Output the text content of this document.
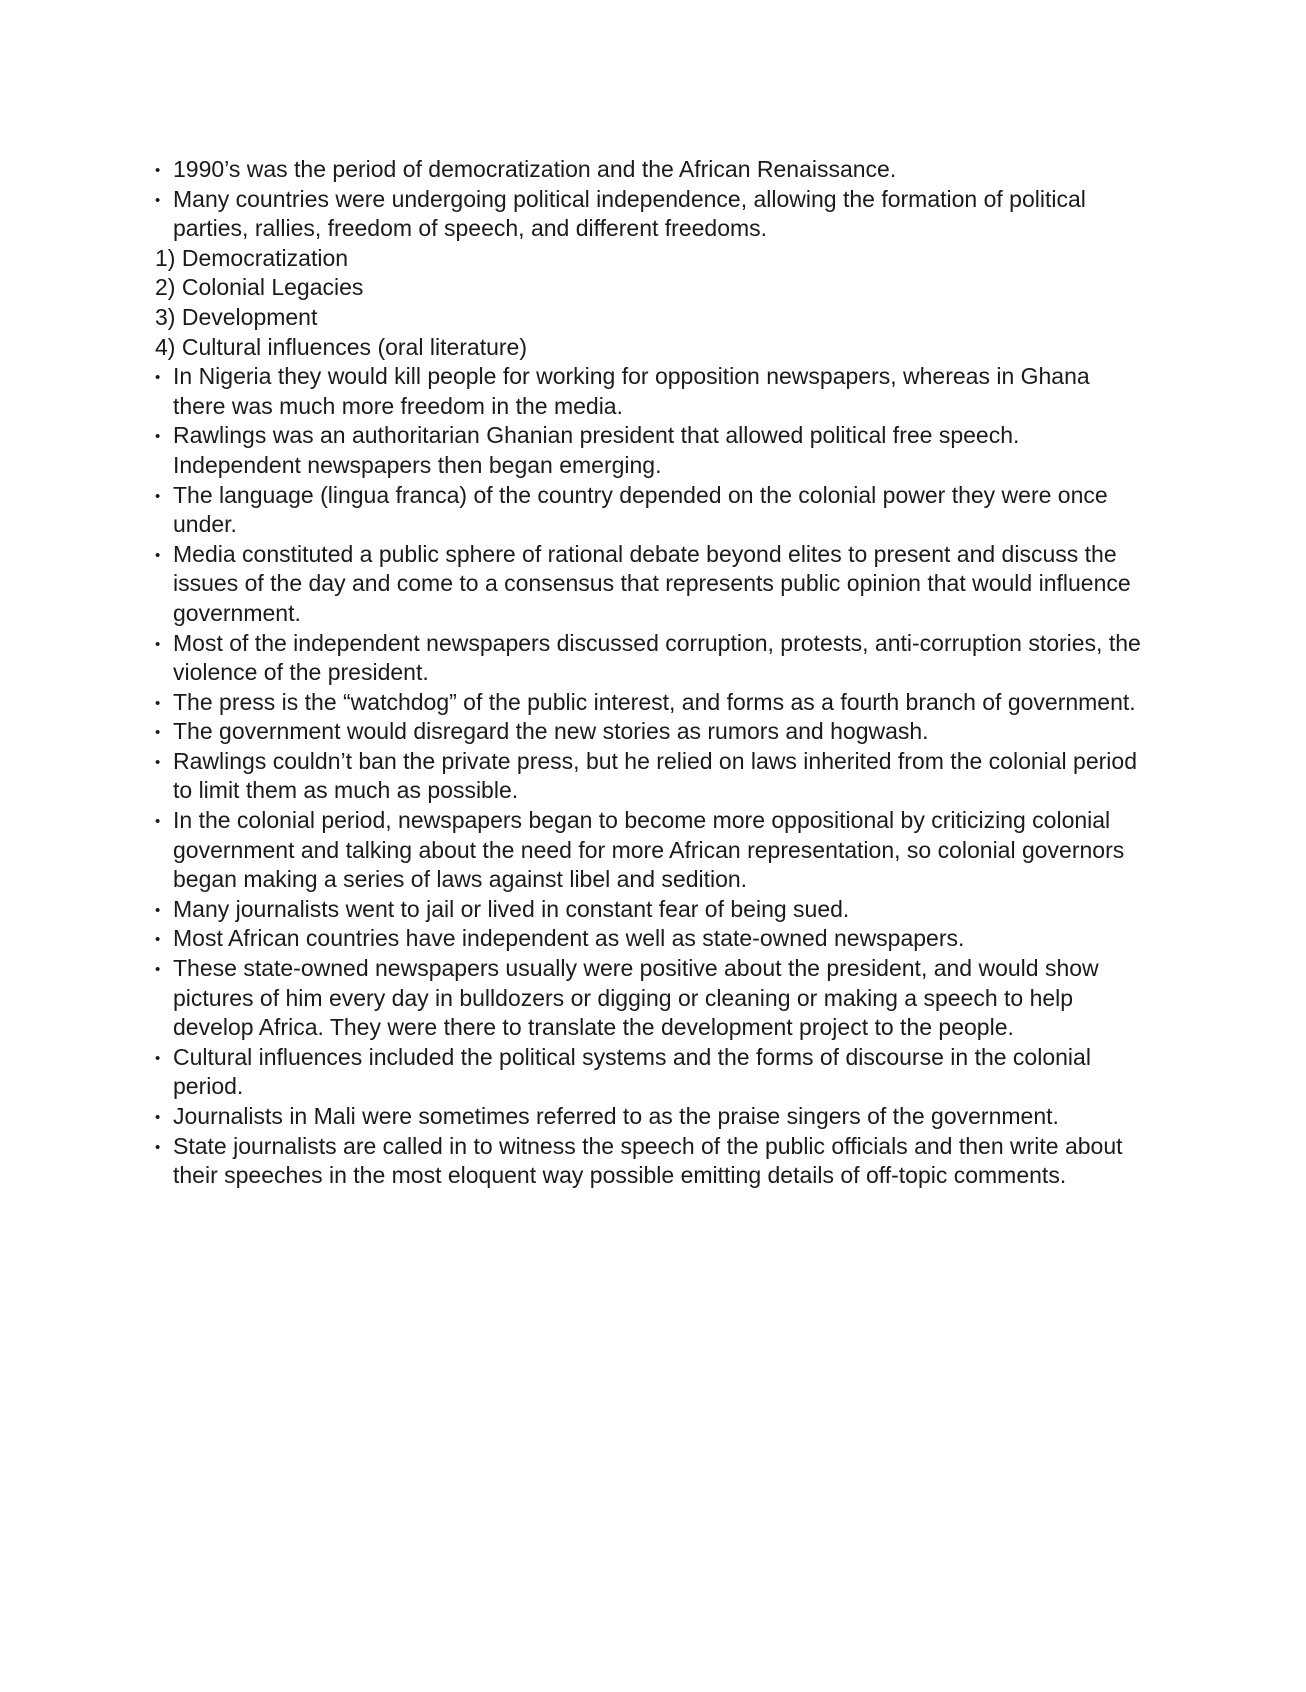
•
1990’s was the period of democratization and the African Renaissance.
•
Many countries were undergoing political independence, allowing the formation of political parties, rallies, freedom of speech, and different freedoms.
1) Democratization
2) Colonial Legacies
3) Development
4) Cultural influences (oral literature)
•
In Nigeria they would kill people for working for opposition newspapers, whereas in Ghana there was much more freedom in the media.
•
Rawlings was an authoritarian Ghanian president that allowed political free speech. Independent newspapers then began emerging.
•
The language (lingua franca) of the country depended on the colonial power they were once under.
•
Media constituted a public sphere of rational debate beyond elites to present and discuss the issues of the day and come to a consensus that represents public opinion that would influence government.
•
Most of the independent newspapers discussed corruption, protests, anti-corruption stories, the violence of the president.
•
The press is the “watchdog” of the public interest, and forms as a fourth branch of government.
•
The government would disregard the new stories as rumors and hogwash.
•
Rawlings couldn’t ban the private press, but he relied on laws inherited from the colonial period to limit them as much as possible.
•
In the colonial period, newspapers began to become more oppositional by criticizing colonial government and talking about the need for more African representation, so colonial governors began making a series of laws against libel and sedition.
•
Many journalists went to jail or lived in constant fear of being sued.
•
Most African countries have independent as well as state-owned newspapers.
•
These state-owned newspapers usually were positive about the president, and would show pictures of him every day in bulldozers or digging or cleaning or making a speech to help develop Africa. They were there to translate the development project to the people.
•
Cultural influences included the political systems and the forms of discourse in the colonial period.
•
Journalists in Mali were sometimes referred to as the praise singers of the government.
•
State journalists are called in to witness the speech of the public officials and then write about their speeches in the most eloquent way possible emitting details of off-topic comments.
